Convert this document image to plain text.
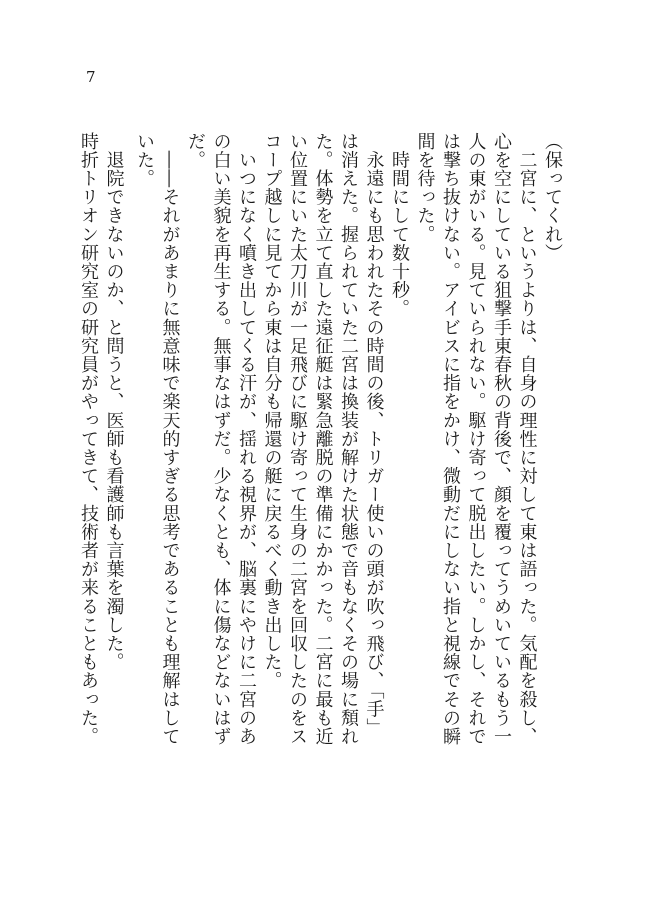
7

（保ってくれ）

　二宮に、というよりは、自身の理性に対して東は語った。気配を殺し、心を空にしている狙撃手東春秋の背後で、顔を覆ってうめいているもう一人の東がいる。見ていられない。駆け寄って脱出したい。しかし、それでは撃ち抜けない。アイビスに指をかけ、微動だにしない指と視線でその瞬間を待った。

　時間にして数十秒。

　永遠にも思われたその時間の後、トリガー使いの頭が吹っ飛び、「手」は消えた。握られていた二宮は換装が解けた状態で音もなくその場に頽れた。体勢を立て直した遠征艇は緊急離脱の準備にかかった。二宮に最も近い位置にいた太刀川が一足飛びに駆け寄って生身の二宮を回収したのをスコープ越しに見てから東は自分も帰還の艇に戻るべく動き出した。

　いつになく噴き出してくる汗が、揺れる視界が、脳裏にやけに二宮のあの白い美貌を再生する。無事なはずだ。少なくとも、体に傷などないはずだ。

　――それがあまりに無意味で楽天的すぎる思考であることも理解はしていた。

　退院できないのか、と問うと、医師も看護師も言葉を濁した。

時折トリオン研究室の研究員がやってきて、技術者が来ることもあった。
